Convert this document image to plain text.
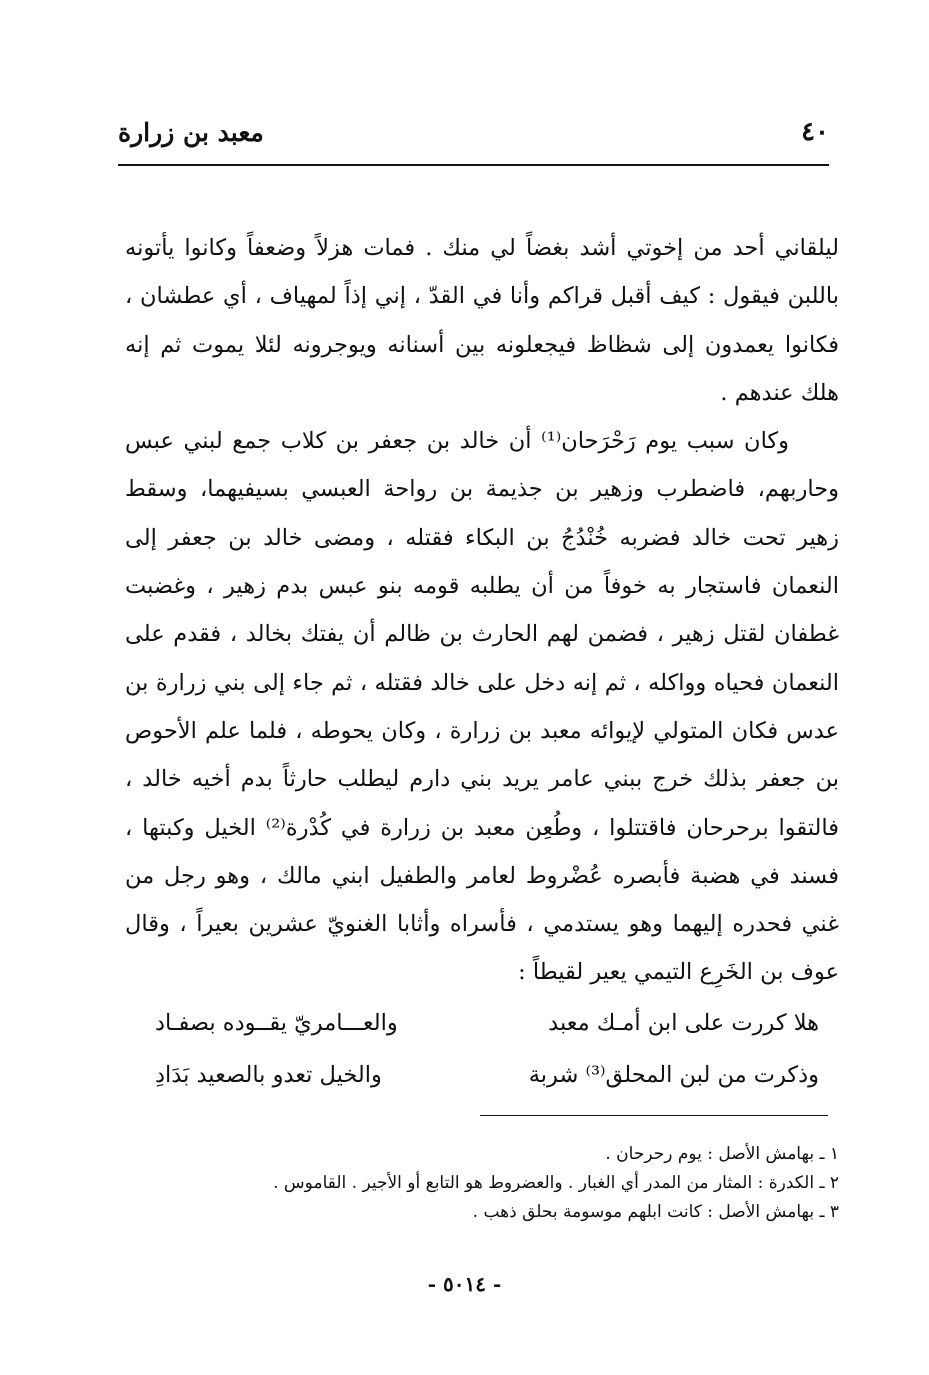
٤٠
معبد بن زرارة

ليلقاني أحد من إخوتي أشد بغضاً لي منك . فمات هزلاً وضعفاً وكانوا يأتونه باللبن فيقول : كيف أقبل قراكم وأنا في القدّ ، إني إذاً لمهياف ، أي عطشان ، فكانوا يعمدون إلى شظاظ فيجعلونه بين أسنانه ويوجرونه لئلا يموت ثم إنه هلك عندهم .

وكان سبب يوم رَحْرَحان⁽¹⁾ أن خالد بن جعفر بن كلاب جمع لبني عبس وحاربهم، فاضطرب وزهير بن جذيمة بن رواحة العبسي بسيفيهما، وسقط زهير تحت خالد فضربه خُنْدُجُ بن البكاء فقتله ، ومضى خالد بن جعفر إلى النعمان فاستجار به خوفاً من أن يطلبه قومه بنو عبس بدم زهير ، وغضبت غطفان لقتل زهير ، فضمن لهم الحارث بن ظالم أن يفتك بخالد ، فقدم على النعمان فحياه وواكله ، ثم إنه دخل على خالد فقتله ، ثم جاء إلى بني زرارة بن عدس فكان المتولي لإيوائه معبد بن زرارة ، وكان يحوطه ، فلما علم الأحوص بن جعفر بذلك خرج ببني عامر يريد بني دارم ليطلب حارثاً بدم أخيه خالد ، فالتقوا برحرحان فاقتتلوا ، وطُعِن معبد بن زرارة في كُدْرة⁽²⁾ الخيل وكبتها ، فسند في هضبة فأبصره عُضْروط لعامر والطفيل ابني مالك ، وهو رجل من غني فحدره إليهما وهو يستدمي ، فأسراه وأثابا الغنويّ عشرين بعيراً ، وقال عوف بن الخَرِع التيمي يعير لقيطاً :

هلا كررت على ابن أمـك معبد
والعـــامريّ يقــوده بصفـاد
وذكرت من لبن المحلق⁽³⁾ شربة
والخيل تعدو بالصعيد بَدَادِ
١ ـ بهامش الأصل : يوم رحرحان .
٢ ـ الكدرة : المثار من المدر أي الغبار . والعضروط هو التابع أو الأجير . القاموس .
٣ ـ بهامش الأصل : كانت ابلهم موسومة بحلق ذهب .
- ٥٠١٤ -
